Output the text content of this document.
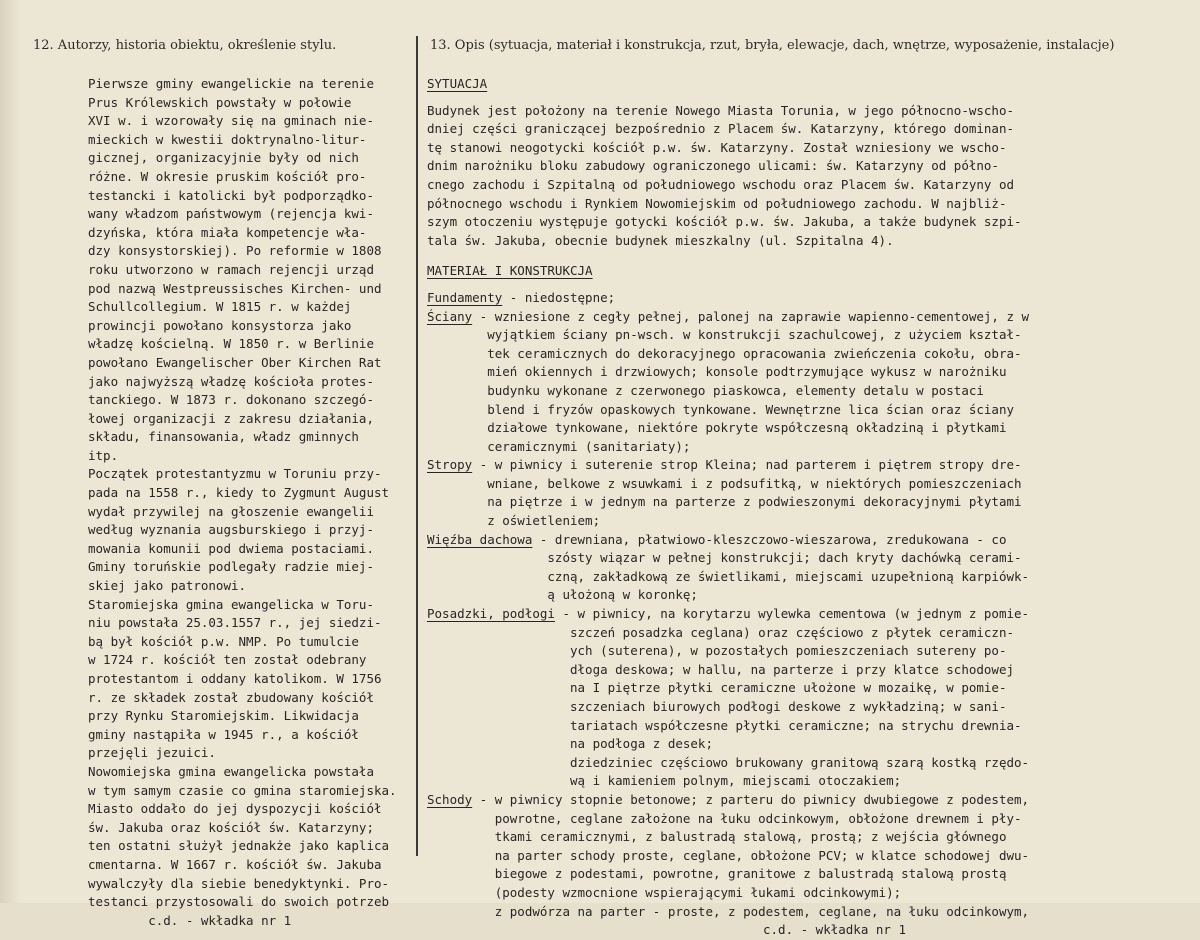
12. Autorzy, historia obiektu, określenie stylu.	13. Opis (sytuacja, materiał i konstrukcja, rzut, bryła, elewacje, dach, wnętrze, wyposażenie, instalacje)
Pierwsze gminy ewangelickie na terenie
Prus Królewskich powstały w połowie
XVI w. i wzorowały się na gminach nie-
mieckich w kwestii doktrynalno-litur-
gicznej, organizacyjnie były od nich
różne. W okresie pruskim kościół pro-
testancki i katolicki był podporządko-
wany władzom państwowym (rejencja kwi-
dzyńska, która miała kompetencje wła-
dzy konsystorskiej). Po reformie w 1808
roku utworzono w ramach rejencji urząd
pod nazwą Westpreussisches Kirchen- und
Schullcollegium. W 1815 r. w każdej
prowincji powołano konsystorza jako
władzę kościelną. W 1850 r. w Berlinie
powołano Ewangelischer Ober Kirchen Rat
jako najwyższą władzę kościoła protes-
tanckiego. W 1873 r. dokonano szczegó-
łowej organizacji z zakresu działania,
składu, finansowania, władz gminnych
itp.
Początek protestantyzmu w Toruniu przy-
pada na 1558 r., kiedy to Zygmunt August
wydał przywilej na głoszenie ewangelii
według wyznania augsburskiego i przyj-
mowania komunii pod dwiema postaciami.
Gminy toruńskie podlegały radzie miej-
skiej jako patronowi.
Staromiejska gmina ewangelicka w Toru-
niu powstała 25.03.1557 r., jej siedzi-
bą był kościół p.w. NMP. Po tumulcie
w 1724 r. kościół ten został odebrany
protestantom i oddany katolikom. W 1756
r. ze składek został zbudowany kościół
przy Rynku Staromiejskim. Likwidacja
gminy nastąpiła w 1945 r., a kościół
przejęli jezuici.
Nowomiejska gmina ewangelicka powstała
w tym samym czasie co gmina staromiejska.
Miasto oddało do jej dyspozycji kościół
św. Jakuba oraz kościół św. Katarzyny;
ten ostatni służył jednakże jako kaplica
cmentarna. W 1667 r. kościół św. Jakuba
wywalczyły dla siebie benedyktynki. Pro-
testanci przystosowali do swoich potrzeb
c.d. - wkładka nr 1
SYTUACJA
Budynek jest położony na terenie Nowego Miasta Torunia, w jego północno-wscho-
dniej części graniczącej bezpośrednio z Placem św. Katarzyny, którego dominan-
tę stanowi neogotycki kościół p.w. św. Katarzyny. Został wzniesiony we wscho-
dnim narożniku bloku zabudowy ograniczonego ulicami: św. Katarzyny od półno-
cnego zachodu i Szpitalną od południowego wschodu oraz Placem św. Katarzyny od
północnego wschodu i Rynkiem Nowomiejskim od południowego zachodu. W najbliż-
szym otoczeniu występuje gotycki kościół p.w. św. Jakuba, a także budynek szpi-
tala św. Jakuba, obecnie budynek mieszkalny (ul. Szpitalna 4).
MATERIAŁ I KONSTRUKCJA
Fundamenty - niedostępne;
Ściany - wzniesione z cegły pełnej, palonej na zaprawie wapienno-cementowej, z w
wyjątkiem ściany pn-wsch. w konstrukcji szachulcowej, z użyciem kształ-
tek ceramicznych do dekoracyjnego opracowania zwieńczenia cokołu, obra-
mień okiennych i drzwiowych; konsole podtrzymujące wykusz w narożniku
budynku wykonane z czerwonego piaskowca, elementy detalu w postaci
blend i fryzów opaskowych tynkowane. Wewnętrzne lica ścian oraz ściany
działowe tynkowane, niektóre pokryte współczesną okładziną i płytkami
ceramicznymi (sanitariaty);
Stropy - w piwnicy i suterenie strop Kleina; nad parterem i piętrem stropy dre-
wniane, belkowe z wsuwkami i z podsufitką, w niektórych pomieszczeniach
na piętrze i w jednym na parterze z podwieszonymi dekoracyjnymi płytami
z oświetleniem;
Więźba dachowa - drewniana, płatwiowo-kleszczowo-wieszarowa, zredukowana - co
szósty wiązar w pełnej konstrukcji; dach kryty dachówką cerami-
czną, zakładkową ze świetlikami, miejscami uzupełnioną karpiówk-
ą ułożoną w koronkę;
Posadzki, podłogi - w piwnicy, na korytarzu wylewka cementowa (w jednym z pomie-
szczeń posadzka ceglana) oraz częściowo z płytek ceramiczn-
ych (suterena), w pozostałych pomieszczeniach sutereny po-
dłoga deskowa; w hallu, na parterze i przy klatce schodowej
na I piętrze płytki ceramiczne ułożone w mozaikę, w pomie-
szczeniach biurowych podłogi deskowe z wykładziną; w sani-
tariatach współczesne płytki ceramiczne; na strychu drewnia-
na podłoga z desek;
dziedziniec częściowo brukowany granitową szarą kostką rzędo-
wą i kamieniem polnym, miejscami otoczakiem;
Schody - w piwnicy stopnie betonowe; z parteru do piwnicy dwubiegowe z podestem,
powrotne, ceglane założone na łuku odcinkowym, obłożone drewnem i pły-
tkami ceramicznymi, z balustradą stalową, prostą; z wejścia głównego
na parter schody proste, ceglane, obłożone PCV; w klatce schodowej dwu-
biegowe z podestami, powrotne, granitowe z balustradą stalową prostą
(podesty wzmocnione wspierającymi łukami odcinkowymi);
z podwórza na parter - proste, z podestem, ceglane, na łuku odcinkowym,
c.d. - wkładka nr 1
